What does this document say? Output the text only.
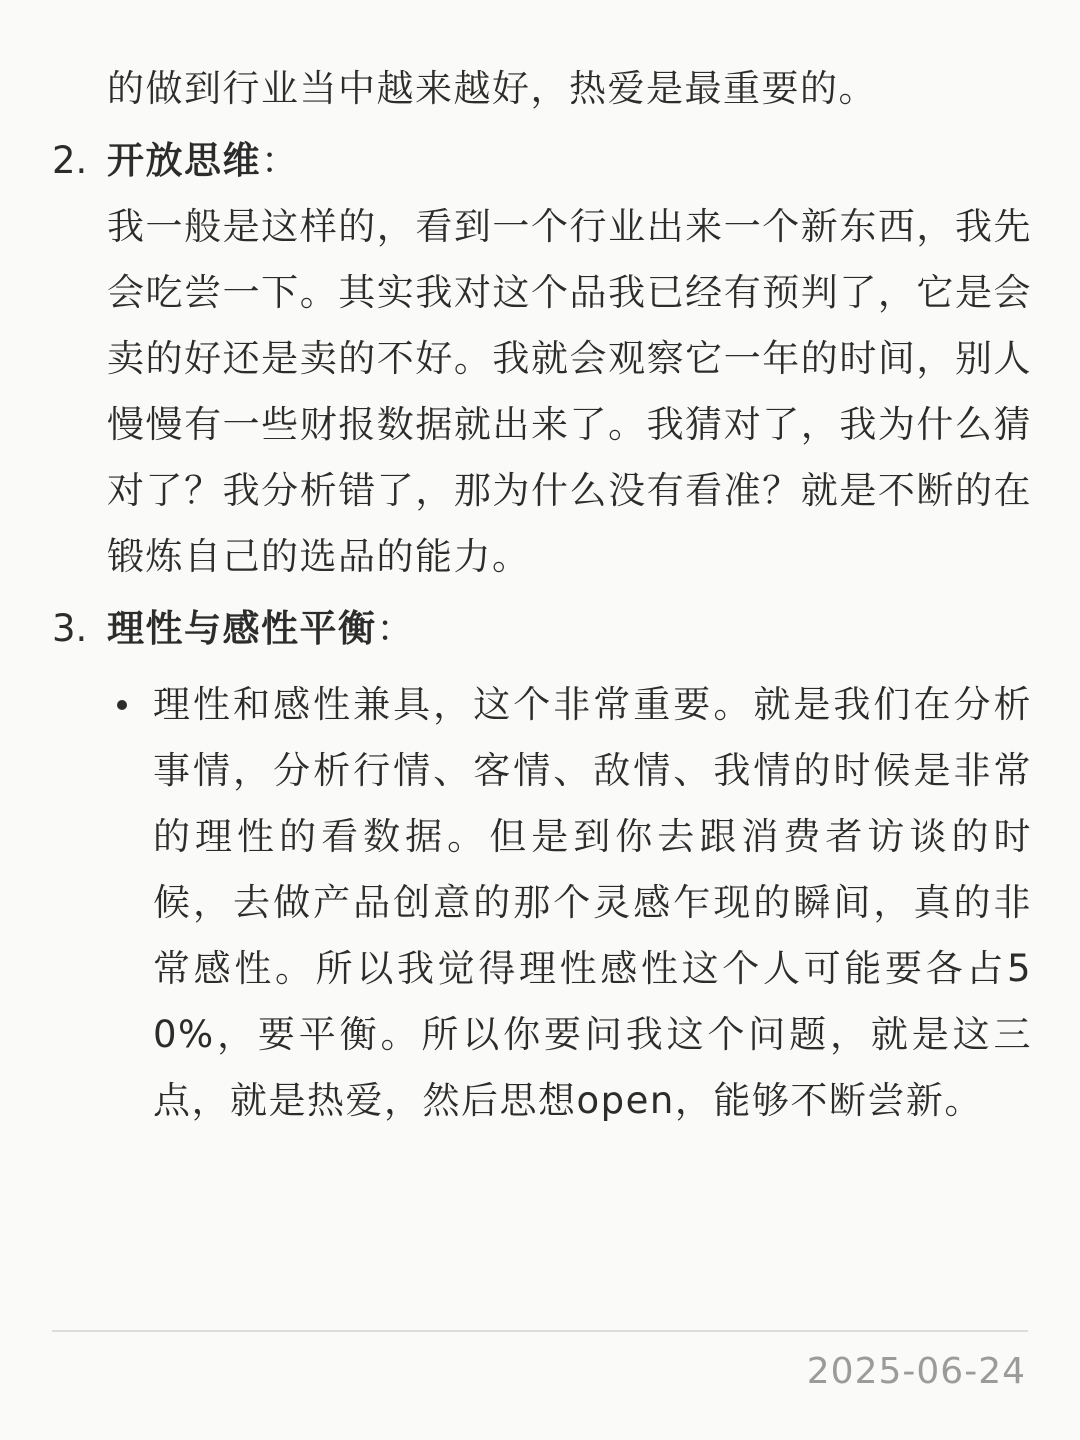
的做到行业当中越来越好，热爱是最重要的。
2. 开放思维：
我一般是这样的，看到一个行业出来一个新东西，我先会吃尝一下。其实我对这个品我已经有预判了，它是会卖的好还是卖的不好。我就会观察它一年的时间，别人慢慢有一些财报数据就出来了。我猜对了，我为什么猜对了？我分析错了，那为什么没有看准？就是不断的在锻炼自己的选品的能力。
3. 理性与感性平衡：
理性和感性兼具，这个非常重要。就是我们在分析事情，分析行情、客情、敌情、我情的时候是非常的理性的看数据。但是到你去跟消费者访谈的时候，去做产品创意的那个灵感乍现的瞬间，真的非常感性。所以我觉得理性感性这个人可能要各占50%，要平衡。所以你要问我这个问题，就是这三点，就是热爱，然后思想open，能够不断尝新。
2025-06-24
